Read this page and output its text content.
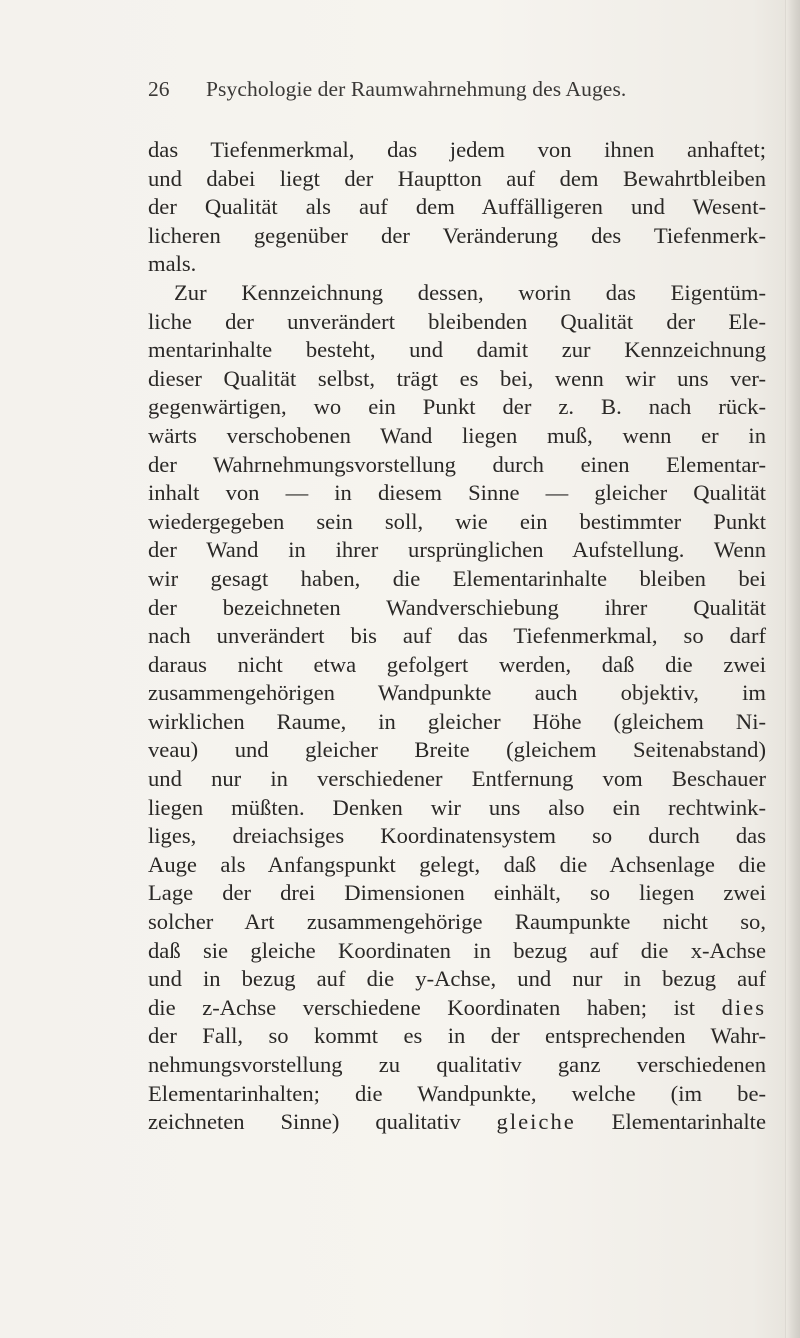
26 Psychologie der Raumwahrnehmung des Auges.
das Tiefenmerkmal, das jedem von ihnen anhaftet;
und dabei liegt der Hauptton auf dem Bewahrtbleiben
der Qualität als auf dem Auffälligeren und Wesent-
licheren gegenüber der Veränderung des Tiefenmerk-
mals.
Zur Kennzeichnung dessen, worin das Eigentüm-
liche der unverändert bleibenden Qualität der Ele-
mentarinhalte besteht, und damit zur Kennzeichnung
dieser Qualität selbst, trägt es bei, wenn wir uns ver-
gegenwärtigen, wo ein Punkt der z. B. nach rück-
wärts verschobenen Wand liegen muß, wenn er in
der Wahrnehmungsvorstellung durch einen Elementar-
inhalt von — in diesem Sinne — gleicher Qualität
wiedergegeben sein soll, wie ein bestimmter Punkt
der Wand in ihrer ursprünglichen Aufstellung. Wenn
wir gesagt haben, die Elementarinhalte bleiben bei
der bezeichneten Wandverschiebung ihrer Qualität
nach unverändert bis auf das Tiefenmerkmal, so darf
daraus nicht etwa gefolgert werden, daß die zwei
zusammengehörigen Wandpunkte auch objektiv, im
wirklichen Raume, in gleicher Höhe (gleichem Ni-
veau) und gleicher Breite (gleichem Seitenabstand)
und nur in verschiedener Entfernung vom Beschauer
liegen müßten. Denken wir uns also ein rechtwink-
liges, dreiachsiges Koordinatensystem so durch das
Auge als Anfangspunkt gelegt, daß die Achsenlage die
Lage der drei Dimensionen einhält, so liegen zwei
solcher Art zusammengehörige Raumpunkte nicht so,
daß sie gleiche Koordinaten in bezug auf die x-Achse
und in bezug auf die y-Achse, und nur in bezug auf
die z-Achse verschiedene Koordinaten haben; ist dies
der Fall, so kommt es in der entsprechenden Wahr-
nehmungsvorstellung zu qualitativ ganz verschiedenen
Elementarinhalten; die Wandpunkte, welche (im be-
zeichneten Sinne) qualitativ gleiche Elementarinhalte
